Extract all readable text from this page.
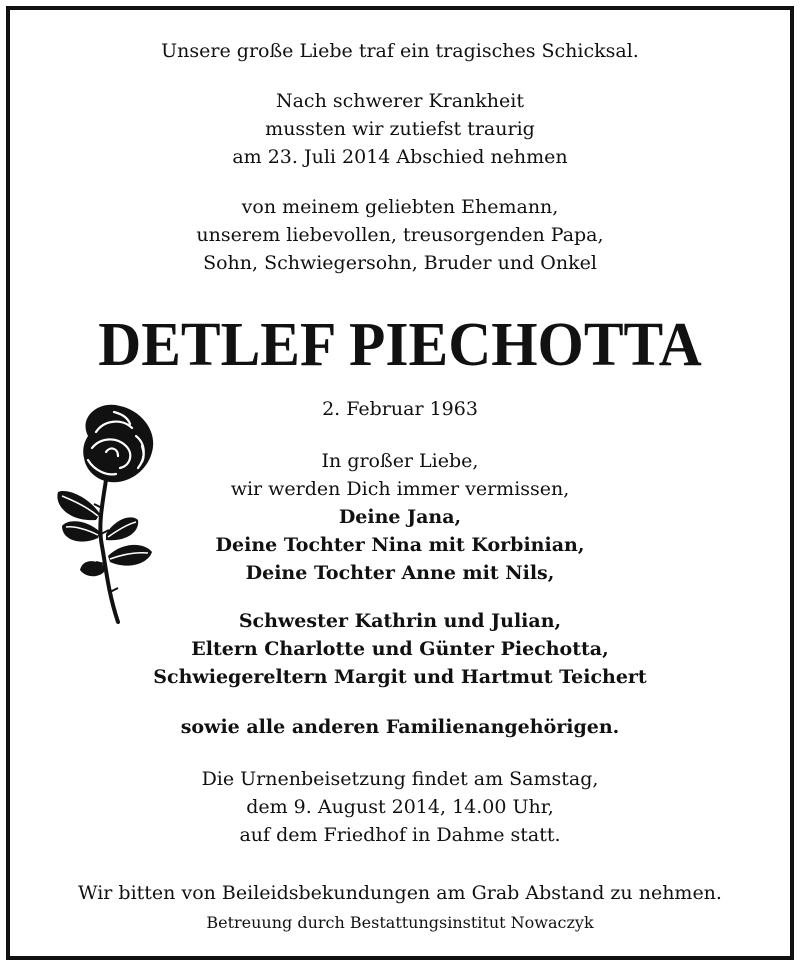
Unsere große Liebe traf ein tragisches Schicksal.
Nach schwerer Krankheit
mussten wir zutiefst traurig
am 23. Juli 2014 Abschied nehmen
von meinem geliebten Ehemann,
unserem liebevollen, treusorgenden Papa,
Sohn, Schwiegersohn, Bruder und Onkel
DETLEF PIECHOTTA
2. Februar 1963
In großer Liebe,
wir werden Dich immer vermissen,
Deine Jana,
Deine Tochter Nina mit Korbinian,
Deine Tochter Anne mit Nils,
Schwester Kathrin und Julian,
Eltern Charlotte und Günter Piechotta,
Schwiegereltern Margit und Hartmut Teichert
sowie alle anderen Familienangehörigen.
Die Urnenbeisetzung findet am Samstag,
dem 9. August 2014, 14.00 Uhr,
auf dem Friedhof in Dahme statt.
Wir bitten von Beileidsbekundungen am Grab Abstand zu nehmen.
Betreuung durch Bestattungsinstitut Nowaczyk
